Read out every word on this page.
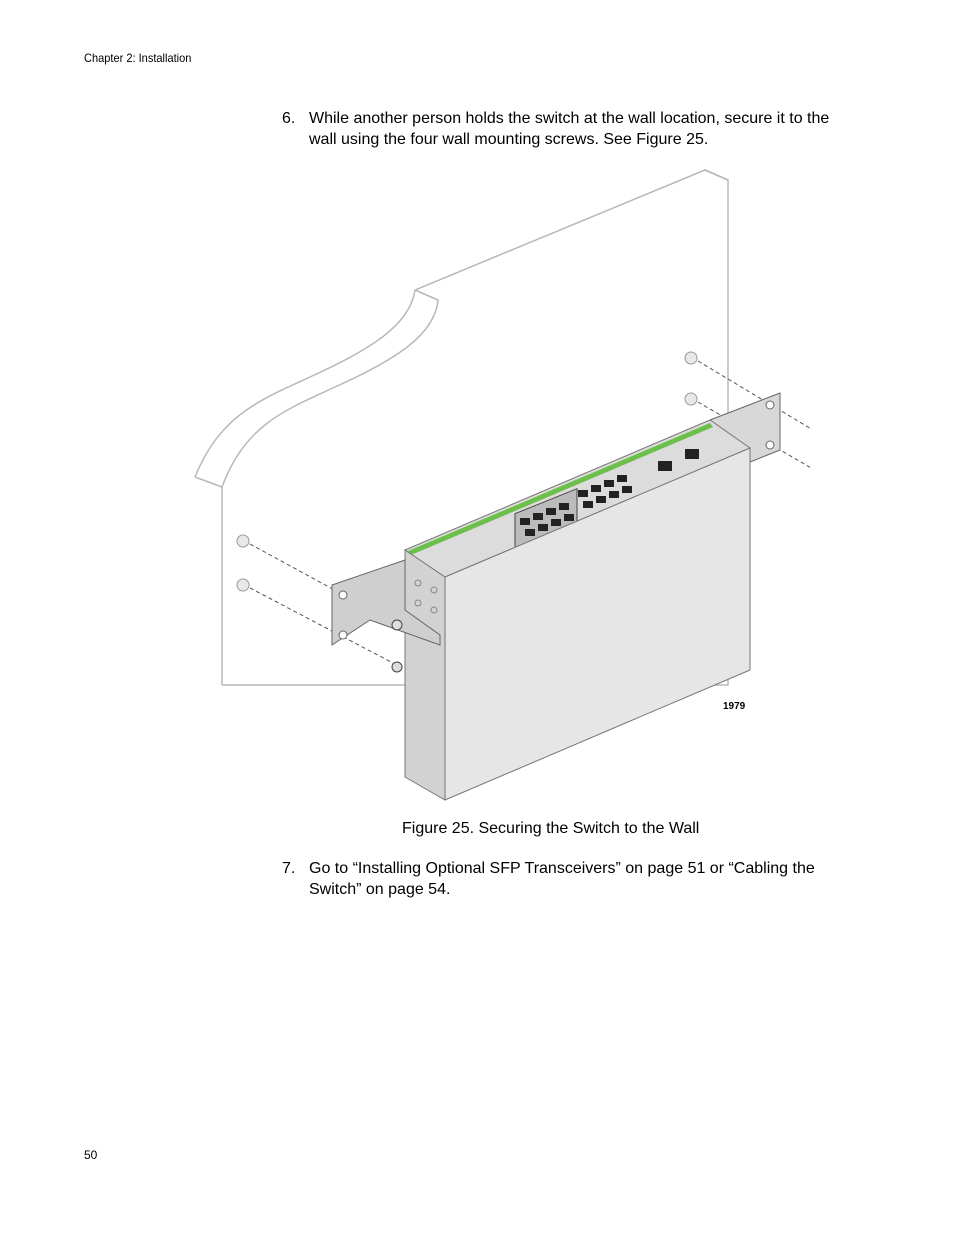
Chapter 2: Installation
6. While another person holds the switch at the wall location, secure it to the wall using the four wall mounting screws. See Figure 25.
1979
Figure 25. Securing the Switch to the Wall
7. Go to “Installing Optional SFP Transceivers” on page 51 or “Cabling the Switch” on page 54.
50
